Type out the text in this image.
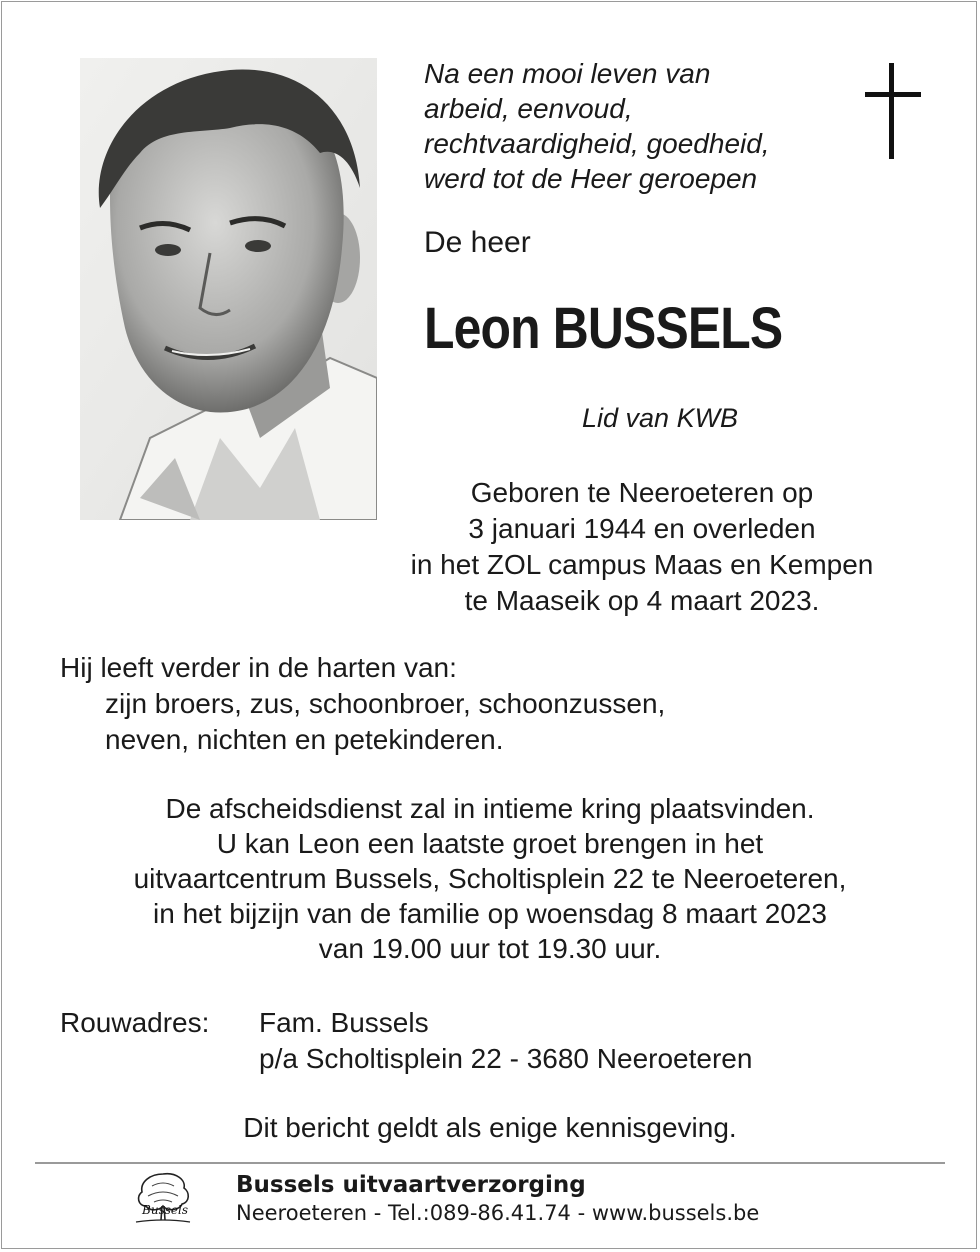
Na een mooi leven van
arbeid, eenvoud,
rechtvaardigheid, goedheid,
werd tot de Heer geroepen
De heer
Leon BUSSELS
Lid van KWB
Geboren te Neeroeteren op
3 januari 1944 en overleden
in het ZOL campus Maas en Kempen
te Maaseik op 4 maart 2023.
Hij leeft verder in de harten van:
zijn broers, zus, schoonbroer, schoonzussen,
neven, nichten en petekinderen.
De afscheidsdienst zal in intieme kring plaatsvinden.
U kan Leon een laatste groet brengen in het
uitvaartcentrum Bussels, Scholtisplein 22 te Neeroeteren,
in het bijzijn van de familie op woensdag 8 maart 2023
van 19.00 uur tot 19.30 uur.
Rouwadres: Fam. Bussels
p/a Scholtisplein 22 - 3680 Neeroeteren
Dit bericht geldt als enige kennisgeving.
Bussels
Bussels uitvaartverzorging
Neeroeteren - Tel.:089-86.41.74 - www.bussels.be
